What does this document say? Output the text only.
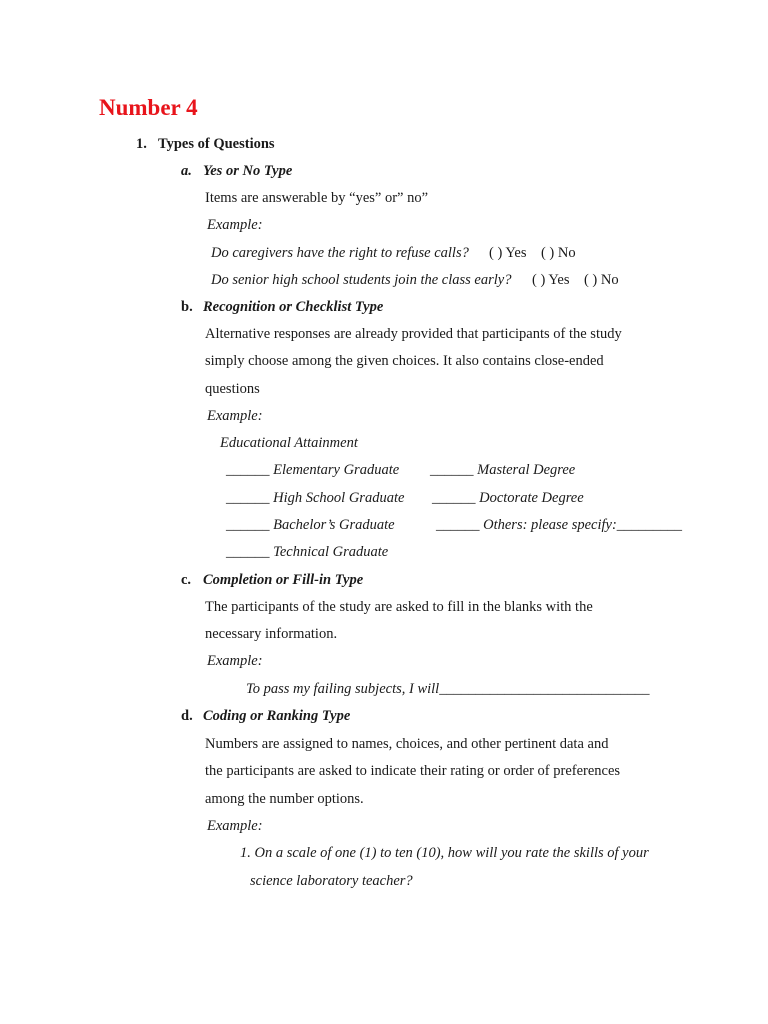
Number 4
1. Types of Questions
a. Yes or No Type
Items are answerable by “yes” or” no”
Example:
Do caregivers have the right to refuse calls? ( ) Yes    ( ) No
Do senior high school students join the class early? ( ) Yes    ( ) No
b. Recognition or Checklist Type
Alternative responses are already provided that participants of the study
simply choose among the given choices. It also contains close-ended
questions
Example:
Educational Attainment
______ Elementary Graduate
______ High School Graduate
______ Bachelor’s Graduate
______ Technical Graduate
______ Masteral Degree
______ Doctorate Degree
______ Others: please specify:_________
c. Completion or Fill-in Type
The participants of the study are asked to fill in the blanks with the
necessary information.
Example:
To pass my failing subjects, I will_____________________________
d. Coding or Ranking Type
Numbers are assigned to names, choices, and other pertinent data and
the participants are asked to indicate their rating or order of preferences
among the number options.
Example:
1. On a scale of one (1) to ten (10), how will you rate the skills of your
science laboratory teacher?
